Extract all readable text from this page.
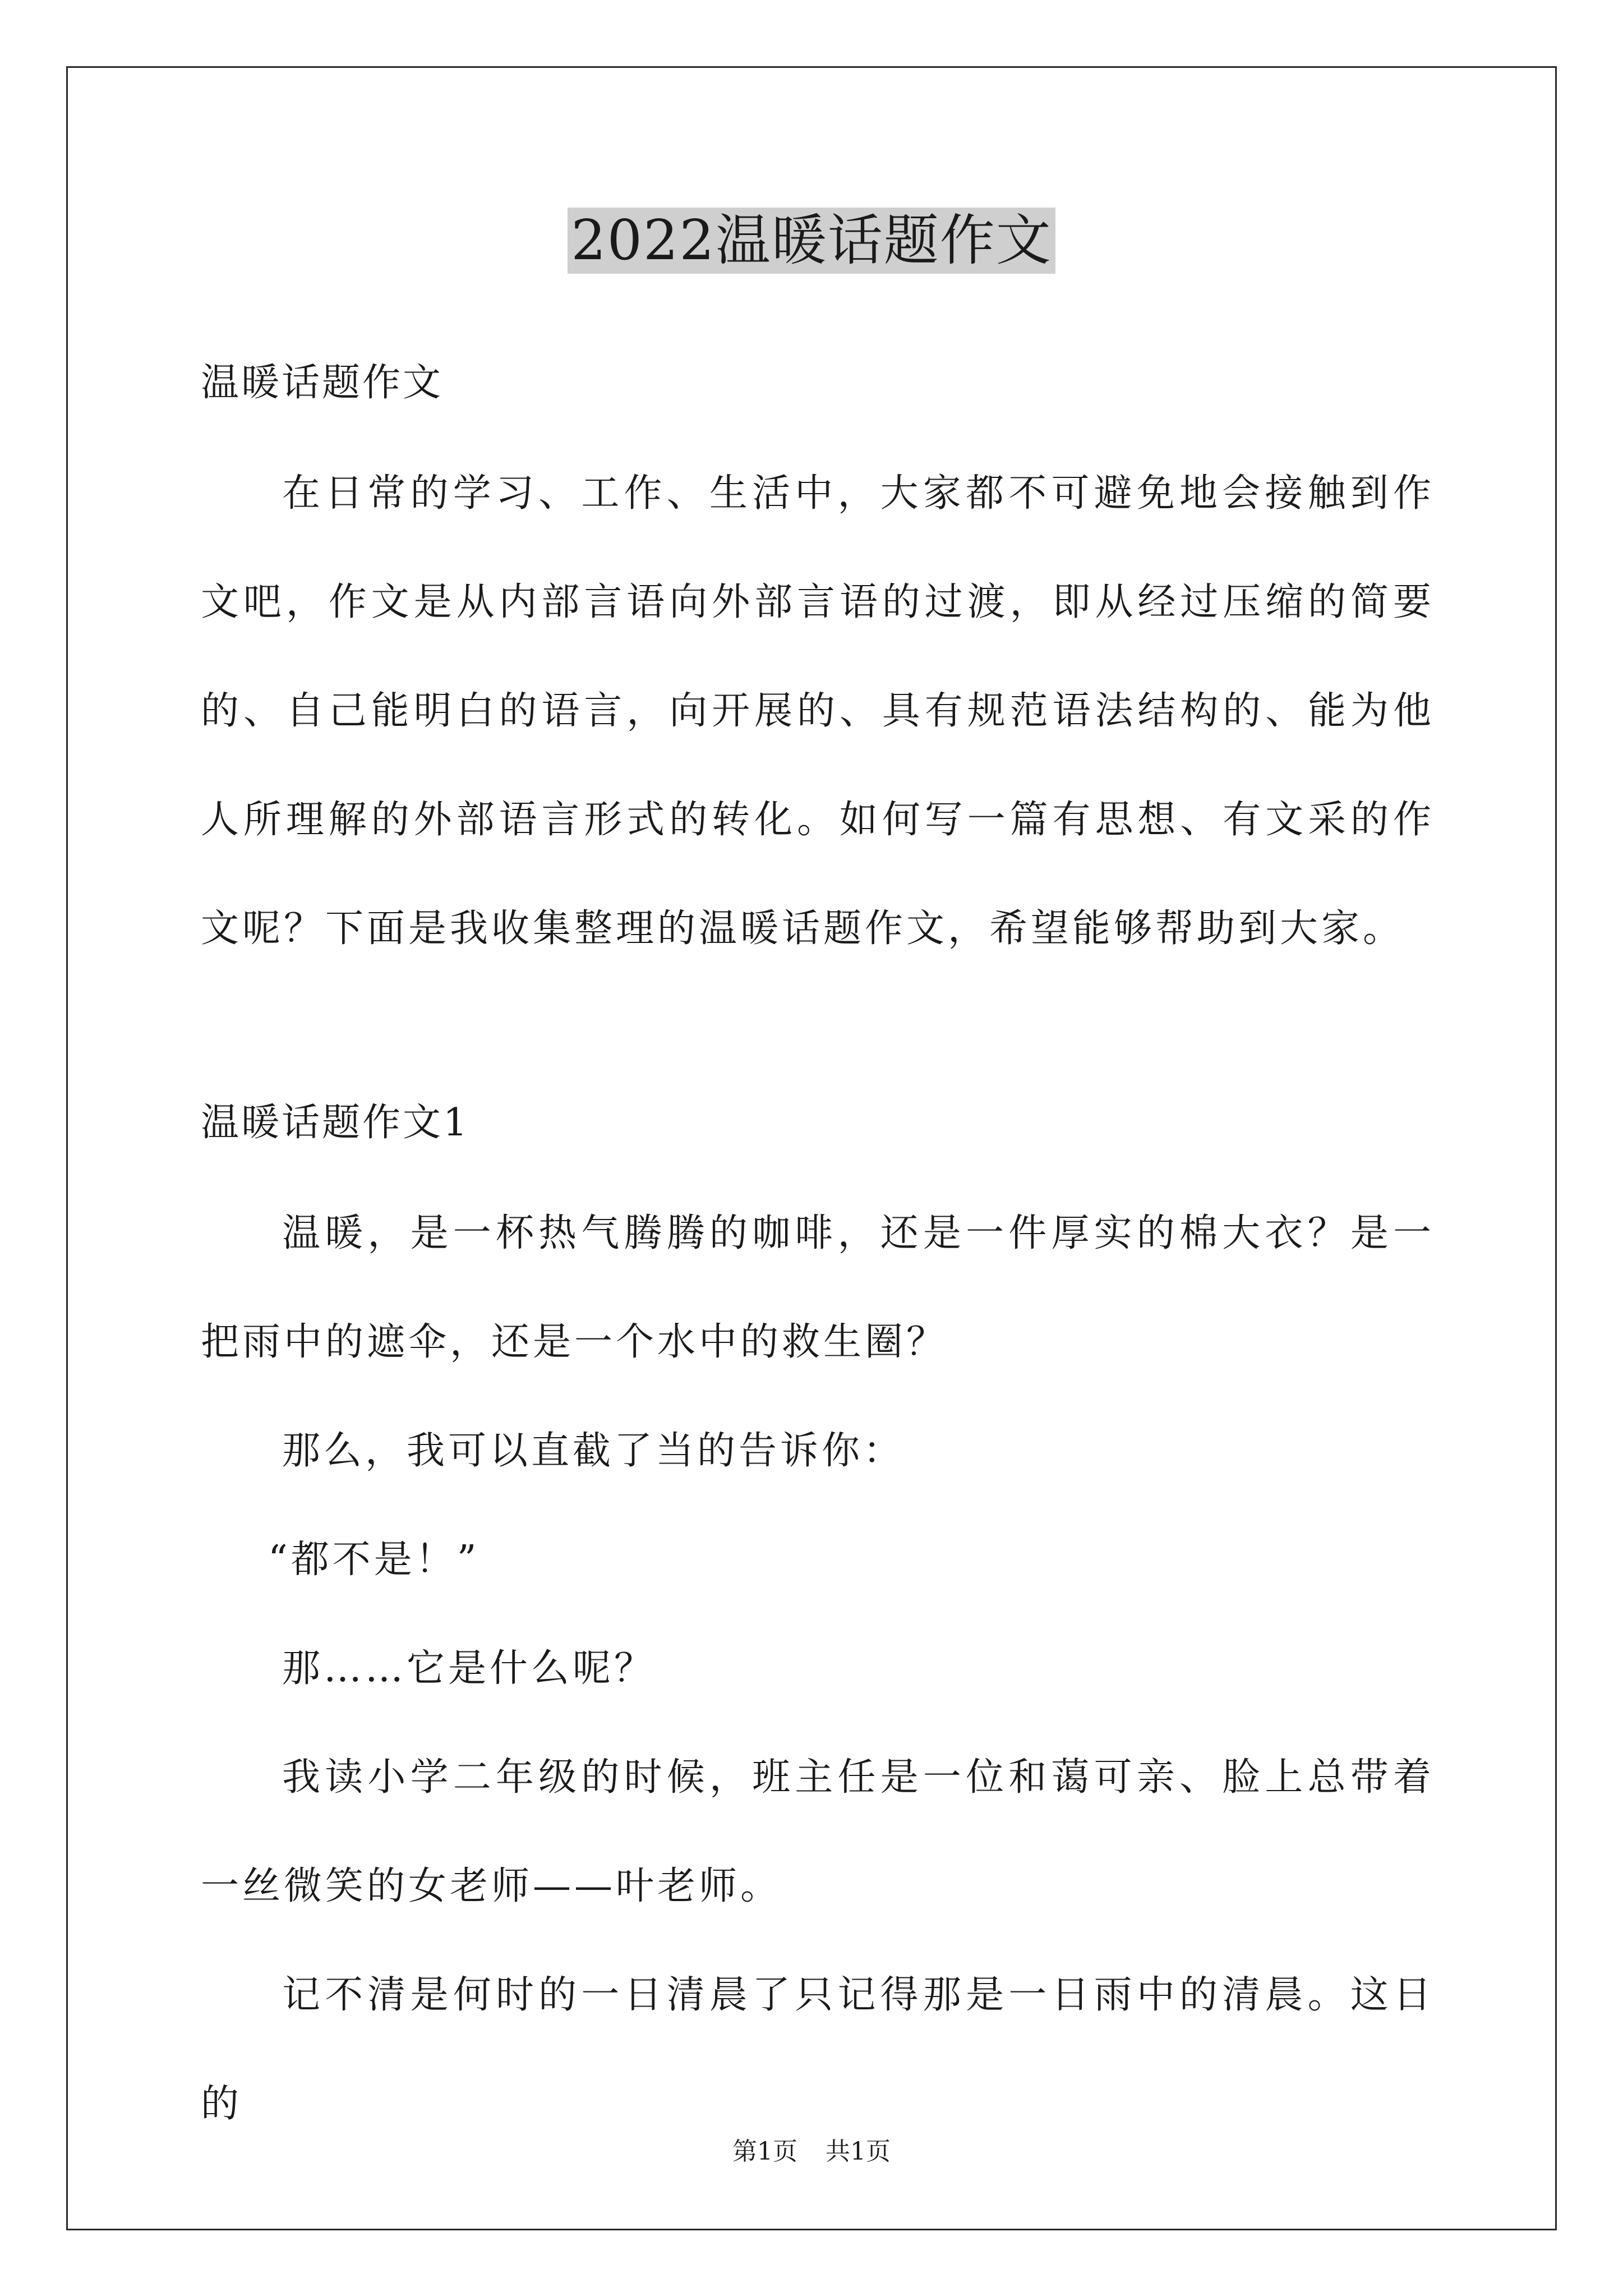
2022温暖话题作文
温暖话题作文

在日常的学习、工作、生活中，大家都不可避免地会接触到作文吧，作文是从内部言语向外部言语的过渡，即从经过压缩的简要的、自己能明白的语言，向开展的、具有规范语法结构的、能为他人所理解的外部语言形式的转化。如何写一篇有思想、有文采的作文呢？下面是我收集整理的温暖话题作文，希望能够帮助到大家。

温暖话题作文1

温暖，是一杯热气腾腾的咖啡，还是一件厚实的棉大衣？是一把雨中的遮伞，还是一个水中的救生圈？

那么，我可以直截了当的告诉你：

“都不是！”

那……它是什么呢？

我读小学二年级的时候，班主任是一位和蔼可亲、脸上总带着一丝微笑的女老师——叶老师。

记不清是何时的一日清晨了只记得那是一日雨中的清晨。这日的

第1页 共1页
